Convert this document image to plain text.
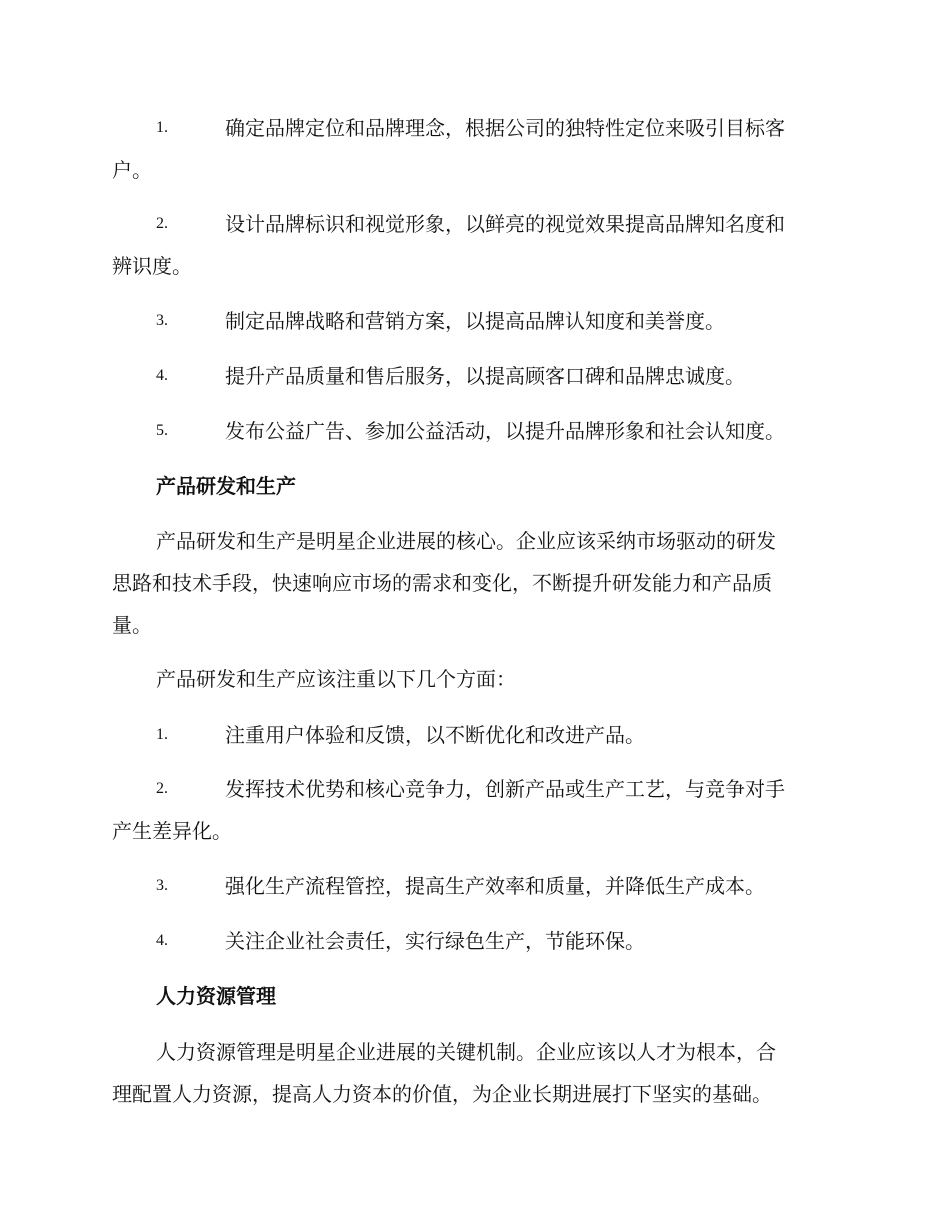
1.	确定品牌定位和品牌理念，根据公司的独特性定位来吸引目标客
户。
2.	设计品牌标识和视觉形象，以鲜亮的视觉效果提高品牌知名度和
辨识度。
3.	制定品牌战略和营销方案，以提高品牌认知度和美誉度。
4.	提升产品质量和售后服务，以提高顾客口碑和品牌忠诚度。
5.	发布公益广告、参加公益活动，以提升品牌形象和社会认知度。
产品研发和生产
产品研发和生产是明星企业进展的核心。企业应该采纳市场驱动的研发
思路和技术手段，快速响应市场的需求和变化，不断提升研发能力和产品质
量。
产品研发和生产应该注重以下几个方面：
1.	注重用户体验和反馈，以不断优化和改进产品。
2.	发挥技术优势和核心竞争力，创新产品或生产工艺，与竞争对手
产生差异化。
3.	强化生产流程管控，提高生产效率和质量，并降低生产成本。
4.	关注企业社会责任，实行绿色生产，节能环保。
人力资源管理
人力资源管理是明星企业进展的关键机制。企业应该以人才为根本，合
理配置人力资源，提高人力资本的价值，为企业长期进展打下坚实的基础。
